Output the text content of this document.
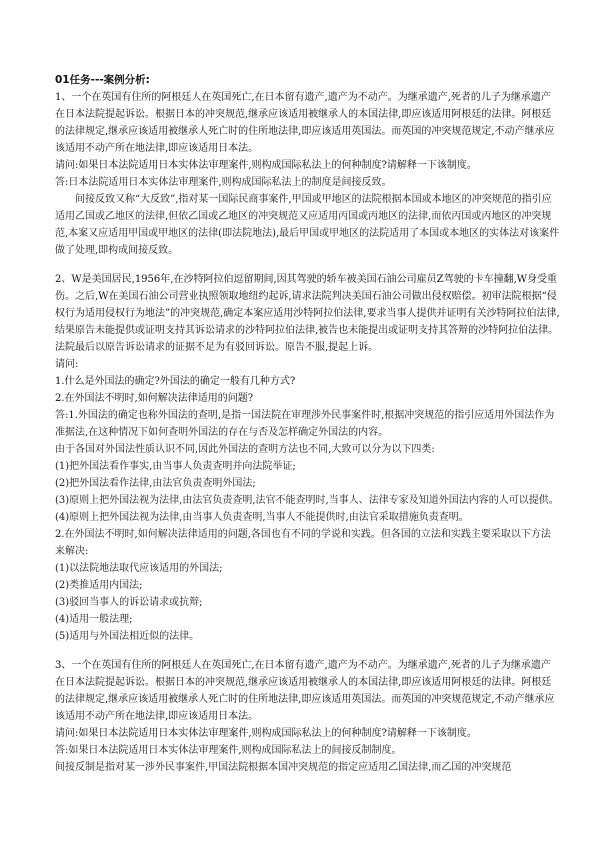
01任务---案例分析:

1、一个在英国有住所的阿根廷人在英国死亡,在日本留有遗产,遗产为不动产。为继承遗产,死者的儿子为继承遗产在日本法院提起诉讼。根据日本的冲突规范,继承应该适用被继承人的本国法律,即应该适用阿根廷的法律。阿根廷的法律规定,继承应该适用被继承人死亡时的住所地法律,即应该适用英国法。而英国的冲突规范规定,不动产继承应该适用不动产所在地法律,即应该适用日本法。

请问:如果日本法院适用日本实体法审理案件,则构成国际私法上的何种制度?请解释一下该制度。

答:日本法院适用日本实体法审理案件,则构成国际私法上的制度是间接反致。

间接反致又称“大反致”,指对某一国际民商事案件,甲国或甲地区的法院根据本国或本地区的冲突规范的指引应适用乙国或乙地区的法律,但依乙国或乙地区的冲突规范又应适用丙国或丙地区的法律,而依丙国或丙地区的冲突规范,本案又应适用甲国或甲地区的法律(即法院地法),最后甲国或甲地区的法院适用了本国或本地区的实体法对该案件做了处理,即构成间接反致。

2、W是美国居民,1956年,在沙特阿拉伯逗留期间,因其驾驶的轿车被美国石油公司雇员Z驾驶的卡车撞翻,W身受重伤。之后,W在美国石油公司营业执照领取地纽约起诉,请求法院判决美国石油公司做出侵权赔偿。初审法院根据“侵权行为适用侵权行为地法”的冲突规范,确定本案应适用沙特阿拉伯法律,要求当事人提供并证明有关沙特阿拉伯法律,结果原告未能提供或证明支持其诉讼请求的沙特阿拉伯法律,被告也未能提出或证明支持其答辩的沙特阿拉伯法律。法院最后以原告诉讼请求的证据不足为有驳回诉讼。原告不服,提起上诉。

请问:

1.什么是外国法的确定?外国法的确定一般有几种方式?

2.在外国法不明时,如何解决法律适用的问题?

答:1.外国法的确定也称外国法的查明,是指一国法院在审理涉外民事案件时,根据冲突规范的指引应适用外国法作为准据法,在这种情况下如何查明外国法的存在与否及怎样确定外国法的内容。

由于各国对外国法性质认识不同,因此外国法的查明方法也不同,大致可以分为以下四类:

(1)把外国法看作事实,由当事人负责查明并向法院举证;

(2)把外国法看作法律,由法官负责查明外国法;

(3)原则上把外国法视为法律,由法官负责查明,法官不能查明时,当事人、法律专家及知道外国法内容的人可以提供。

(4)原则上把外国法视为法律,由当事人负责查明,当事人不能提供时,由法官采取措施负责查明。

2.在外国法不明时,如何解决法律适用的问题,各国也有不同的学说和实践。但各国的立法和实践主要采取以下方法来解决:

(1)以法院地法取代应该适用的外国法;

(2)类推适用内国法;

(3)驳回当事人的诉讼请求或抗辩;

(4)适用一般法理;

(5)适用与外国法相近似的法律。

3、一个在英国有住所的阿根廷人在英国死亡,在日本留有遗产,遗产为不动产。为继承遗产,死者的儿子为继承遗产在日本法院提起诉讼。根据日本的冲突规范,继承应该适用被继承人的本国法律,即应该适用阿根廷的法律。阿根廷的法律规定,继承应该适用被继承人死亡时的住所地法律,即应该适用英国法。而英国的冲突规范规定,不动产继承应该适用不动产所在地法律,即应该适用日本法。

请问:如果日本法院适用日本实体法审理案件,则构成国际私法上的何种制度?请解释一下该制度。

答:如果日本法院适用日本实体法审理案件,则构成国际私法上的间接反制制度。

间接反制是指对某一涉外民事案件,甲国法院根据本国冲突规范的指定应适用乙国法律,而乙国的冲突规范
